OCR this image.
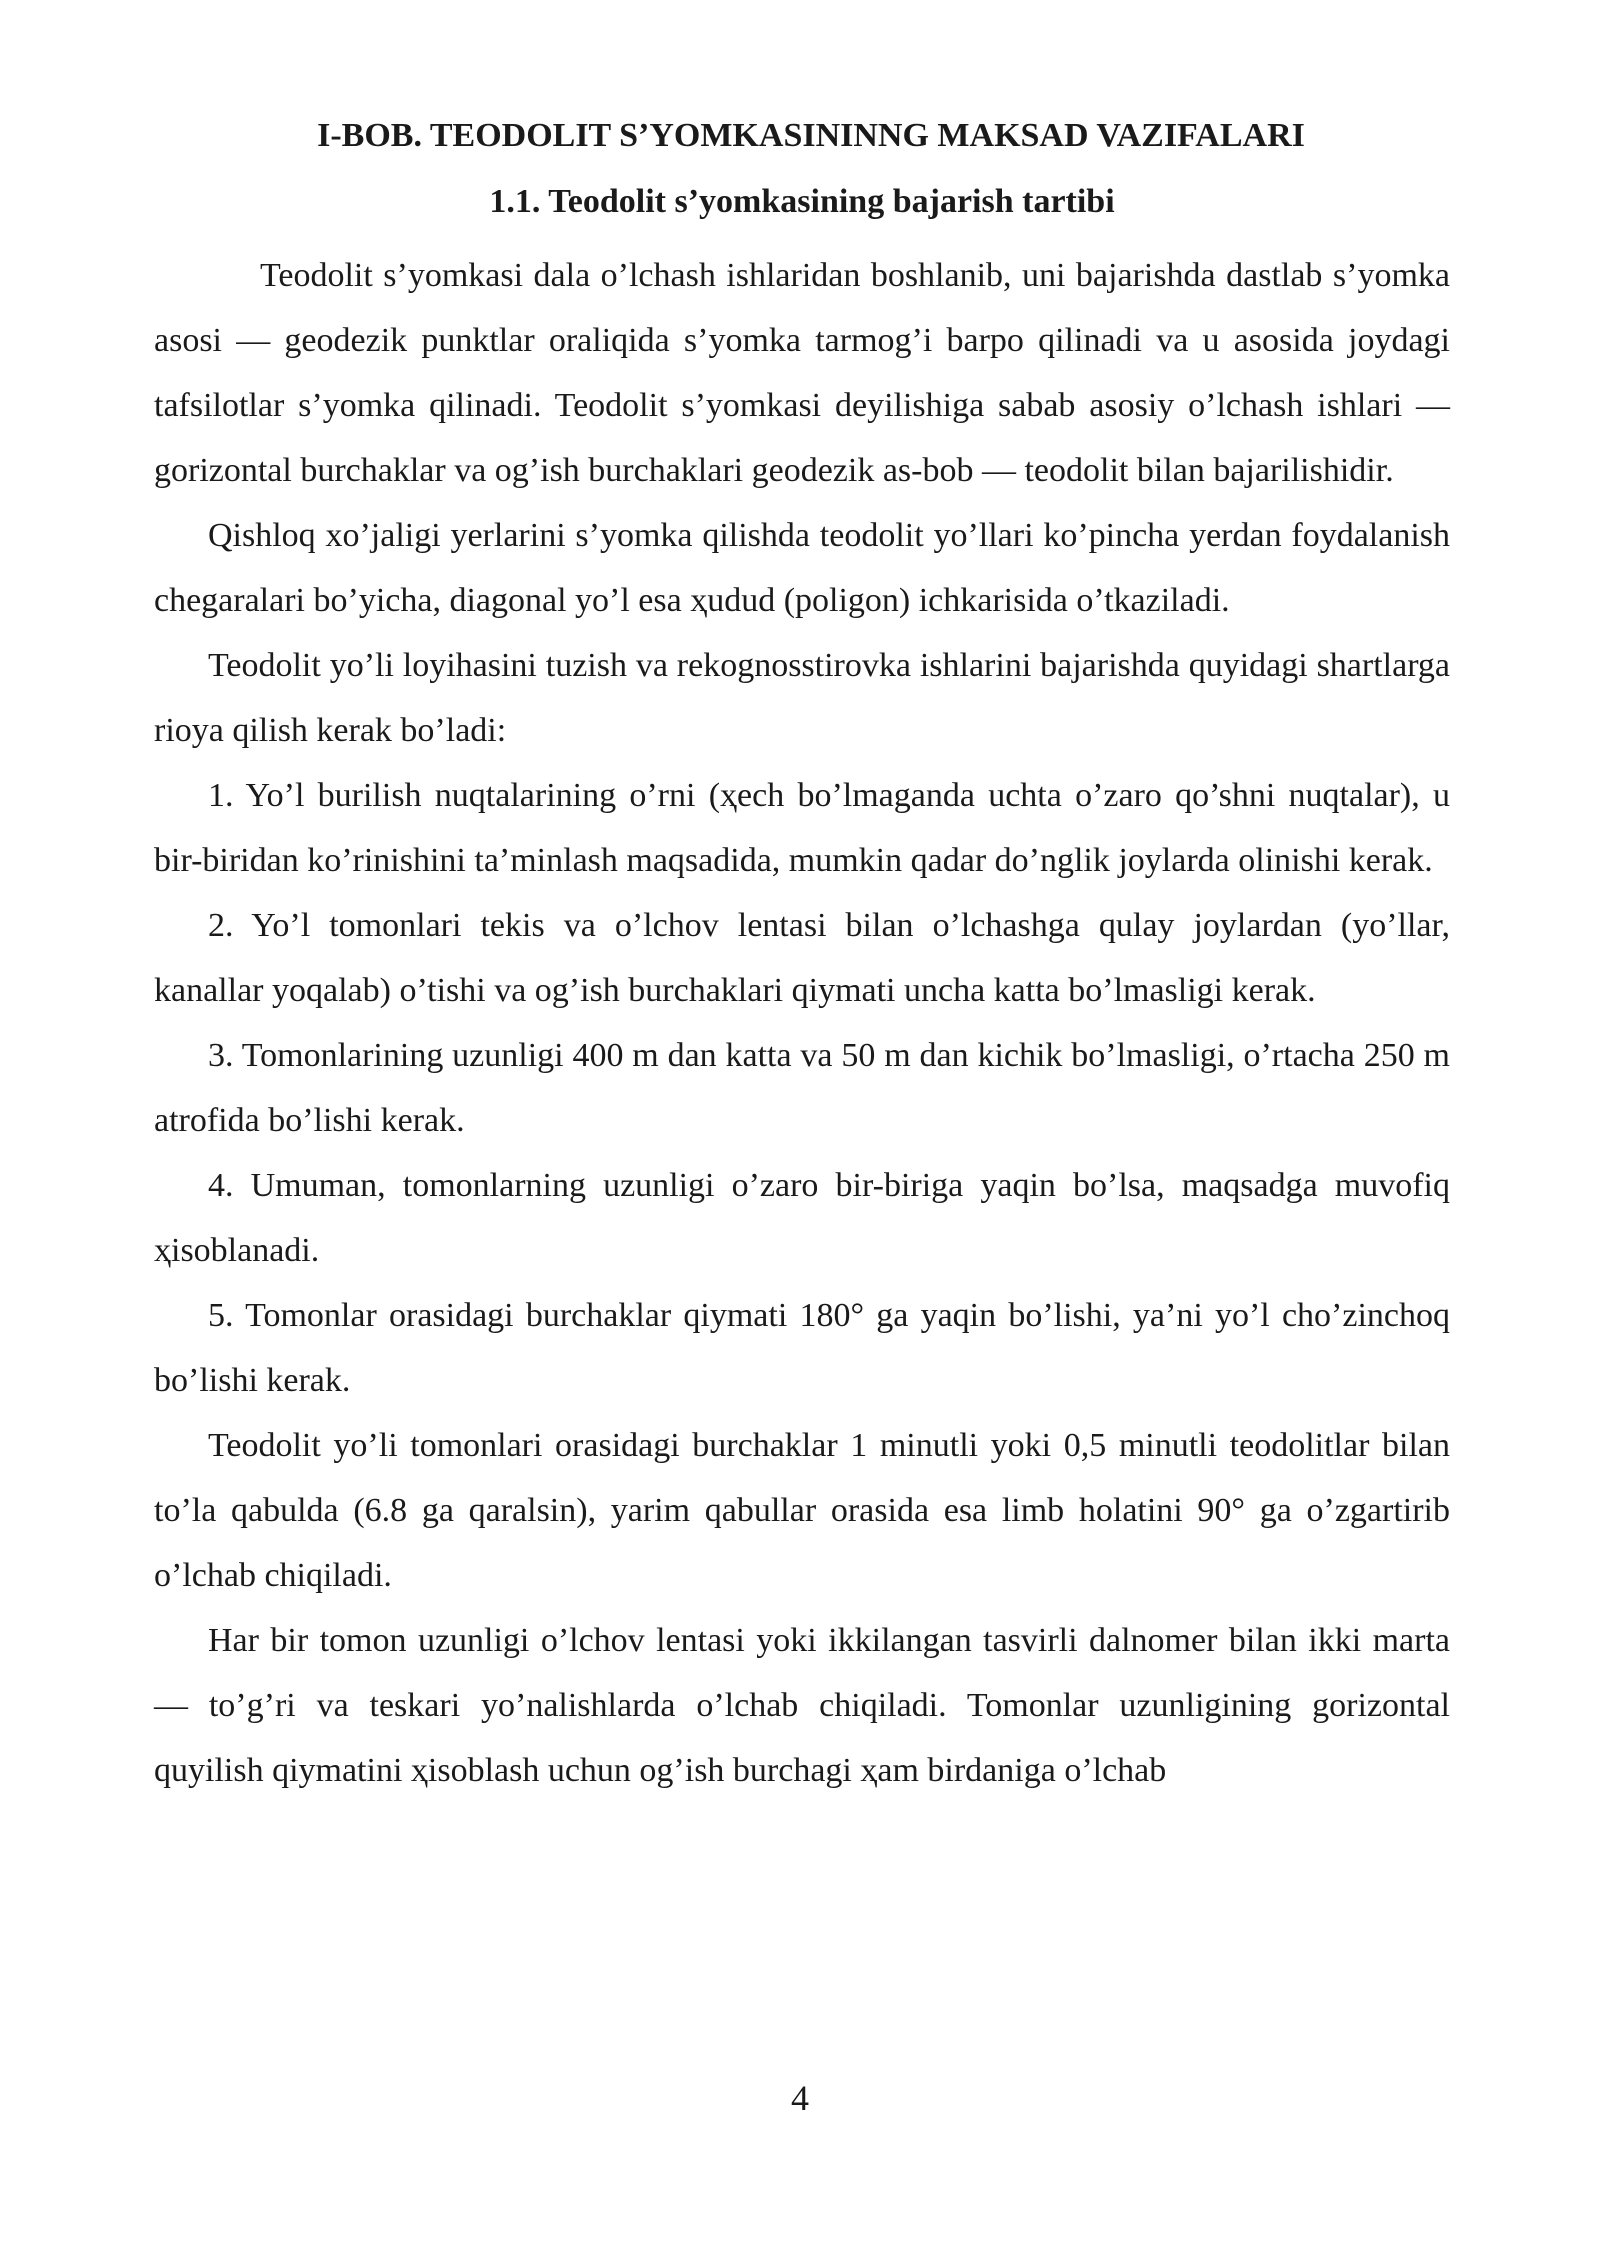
I-BOB. TEODOLIT S’YOMKASININNG MAKSAD VAZIFALARI
1.1. Teodolit s’yomkasining bajarish tartibi

Teodolit s’yomkasi dala o’lchash ishlaridan boshlanib, uni bajarishda dastlab s’yomka asosi — geodezik punktlar oraliqida s’yomka tarmog’i barpo qilinadi va u asosida joydagi tafsilotlar s’yomka qilinadi. Teodolit s’yomkasi deyilishiga sabab asosiy o’lchash ishlari — gorizontal burchaklar va og’ish burchaklari geodezik as-bob — teodolit bilan bajarilishidir.

Qishloq xo’jaligi yerlarini s’yomka qilishda teodolit yo’llari ko’pincha yerdan foydalanish chegaralari bo’yicha, diagonal yo’l esa ҳudud (poligon) ichkarisida o’tkaziladi.

Teodolit yo’li loyihasini tuzish va rekognosstirovka ishlarini bajarishda quyidagi shartlarga rioya qilish kerak bo’ladi:

1. Yo’l burilish nuqtalarining o’rni (ҳech bo’lmaganda uchta o’zaro qo’shni nuqtalar), u bir-biridan ko’rinishini ta’minlash maqsadida, mumkin qadar do’nglik joylarda olinishi kerak.

2. Yo’l tomonlari tekis va o’lchov lentasi bilan o’lchashga qulay joylardan (yo’llar, kanallar yoqalab) o’tishi va og’ish burchaklari qiymati uncha katta bo’lmasligi kerak.

3. Tomonlarining uzunligi 400 m dan katta va 50 m dan kichik bo’lmasligi, o’rtacha 250 m atrofida bo’lishi kerak.

4. Umuman, tomonlarning uzunligi o’zaro bir-biriga yaqin bo’lsa, maqsadga muvofiq ҳisoblanadi.

5. Tomonlar orasidagi burchaklar qiymati 180° ga yaqin bo’lishi, ya’ni yo’l cho’zinchoq bo’lishi kerak.

Teodolit yo’li tomonlari orasidagi burchaklar 1 minutli yoki 0,5 minutli teodolitlar bilan to’la qabulda (6.8 ga qaralsin), yarim qabullar orasida esa limb holatini 90° ga o’zgartirib o’lchab chiqiladi.

Har bir tomon uzunligi o’lchov lentasi yoki ikkilangan tasvirli dalnomer bilan ikki marta — to’g’ri va teskari yo’nalishlarda o’lchab chiqiladi. Tomonlar uzunligining gorizontal quyilish qiymatini ҳisoblash uchun og’ish burchagi ҳam birdaniga o’lchab

4
